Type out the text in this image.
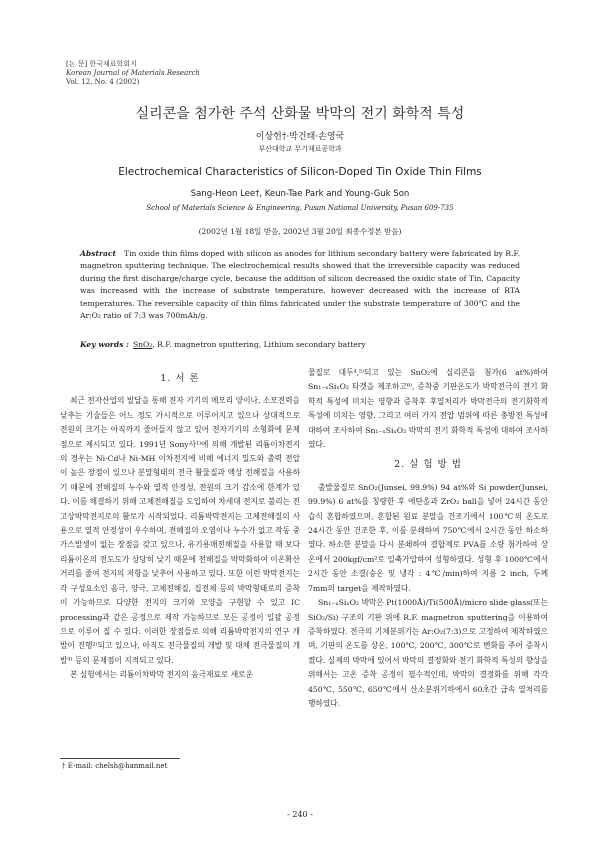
[논 문] 한국재료학회지
Korean Journal of Materials Research
Vol. 12, No. 4 (2002)
실리콘을 첨가한 주석 산화물 박막의 전기 화학적 특성
이상헌†·박건태·손영국
부산대학교 무기재료공학과
Electrochemical Characteristics of Silicon-Doped Tin Oxide Thin Films
Sang-Heon Lee†, Keun-Tae Park and Young-Guk Son
School of Materials Science & Engineering, Pusan National University, Pusan 609-735
(2002년 1월 18일 받음, 2002년 3월 20일 최종수정본 받음)
Abstract Tin oxide thin films doped with silicon as anodes for lithium secondary battery were fabricated by R.F. magnetron sputtering technique. The electrochemical results showed that the irreversible capacity was reduced during the first discharge/charge cycle, because the addition of silicon decreased the oxidic state of Tin. Capacity was increased with the increase of substrate temperature, however decreased with the increase of RTA temperatures. The reversible capacity of thin films fabricated under the substrate temperature of 300℃ and the Ar:O₂ ratio of 7:3 was 700mAh/g.
Key words : SnO₂, R.F. magnetron sputtering, Lithium secondary battery
1. 서 론

최근 전자산업의 발달을 통해 전자 기기의 메모리 양이나, 소모전력을 낮추는 기술들은 어느 정도 가시적으로 이루어지고 있으나 상대적으로 전원의 크기는 아직까지 줄어들지 않고 있어 전자기기의 소형화에 문제점으로 제시되고 있다. 1991년 Sony사¹⁾에 의해 개발된 리튬이차전지의 경우는 Ni-Cd나 Ni-MH 이차전지에 비해 에너지 밀도와 출력 전압이 높은 장점이 있으나 분말형태의 전극 활물질과 액상 전해질을 사용하기 때문에 전해질의 누수와 열적 안정성, 전원의 크기 감소에 한계가 있다. 이를 해결하기 위해 고체전해질을 도입하여 차세대 전지로 불리는 전고상박막전지로의 활로가 시작되었다. 리튬박막전지는 고체전해질의 사용으로 열적 안정성이 우수하며, 전해질의 오염이나 누수가 없고 작동 중 가스발생이 없는 장점을 갖고 있으나, 유기용매전해질을 사용할 때 보다 리튬이온의 전도도가 상당히 낮기 때문에 전해질을 박막화하여 이온확산거리를 줄여 전지의 저항을 낮추어 사용하고 있다. 또한 이런 박막전지는 각 구성요소인 음극, 양극, 고체전해질, 집전체 등의 박막형태로의 증착이 가능하므로 다양한 전지의 크기와 모양을 구현할 수 있고 IC processing과 같은 공정으로 제작 가능하므로 모든 공정이 일괄 공정으로 이루어 질 수 있다. 이러한 장점들로 의해 리튬박막전지의 연구 개발이 진행²⁾되고 있으나, 아직도 전극물질의 개발 및 대체 전극물질의 개발³⁾ 등의 문제점이 지적되고 있다.

본 실험에서는 리튬이차박막 전지의 음극재료로 새로운

물질로 대두⁴,⁵⁾되고 있는 SnO₂에 실리콘을 첨가(6 at%)하여 Sn₁₋ₓSiₓO₂ 타겟을 제조하고⁶⁾, 증착중 기판온도가 박막전극의 전기 화학적 특성에 미치는 영향과 증착후 후열처리가 박막전극의 전기화학적 특성에 미치는 영향, 그리고 여러 가지 전압 범위에 따른 충방전 특성에 대하여 조사하여 Sn₁₋ₓSiₓO₂ 박막의 전기 화학적 특성에 대하여 조사하였다.

2. 실 험 방 법

출발물질로 SnO₂(Junsei, 99.9%) 94 at%와 Si powder(Junsei, 99.9%) 6 at%를 칭량한 후 에탄올과 ZrO₂ ball을 넣어 24시간 동안 습식 혼합하였으며, 혼합된 원료 분말을 건조기에서 100℃의 온도로 24시간 동안 건조한 후, 이를 분쇄하여 750℃에서 2시간 동안 하소하였다. 하소한 분말을 다시 분쇄하여 결합제로 PVA를 소량 첨가하여 상온에서 200kgf/cm²로 일축가압하여 성형하였다. 성형 후 1000℃에서 2시간 동안 소결(승온 및 냉각 : 4℃/min)하여 지름 2 inch, 두께 7mm의 target을 제작하였다.

Sn₁₋ₓSiₓO₂ 박막은 Pt(1000Å)/Ti(500Å)/micro slide glass(또는 SiO₂/Si) 구조의 기판 위에 R.F. magnetron sputtering을 이용하여 증착하였다. 전극의 기체분위기는 Ar:O₂(7:3)으로 고정하여 제작하였으며, 기판의 온도를 상온, 100℃, 200℃, 300℃로 변화를 주어 증착시켰다. 실제의 박막에 있어서 박막의 결정화와 전기 화학적 특성의 향상을 위해서는 고온 증착 공정이 필수적인데, 박막의 결정화를 위해 각각 450℃, 550℃, 650℃에서 산소분위기하에서 60초간 급속 열처리를 행하였다.

† E-mail: chelsh@hanmail.net
- 240 -
